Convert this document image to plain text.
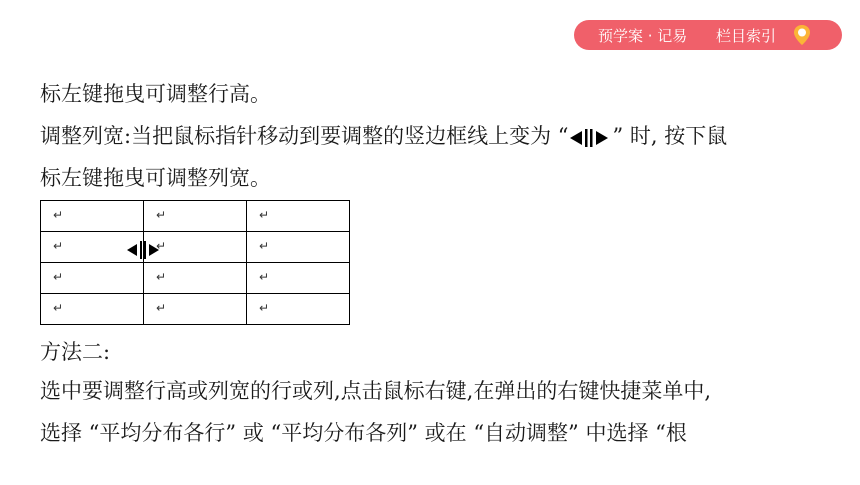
预学案 · 记易 栏目索引
标左键拖曳可调整行高。
调整列宽:当把鼠标指针移动到要调整的竖边框线上变为 “ ” 时, 按下鼠
标左键拖曳可调整列宽。
↵	↵	↵

↵	↵	↵

↵	↵	↵

↵	↵	↵
方法二:
选中要调整行高或列宽的行或列,点击鼠标右键,在弹出的右键快捷菜单中,
选择 “平均分布各行” 或 “平均分布各列” 或在 “自动调整” 中选择 “根
